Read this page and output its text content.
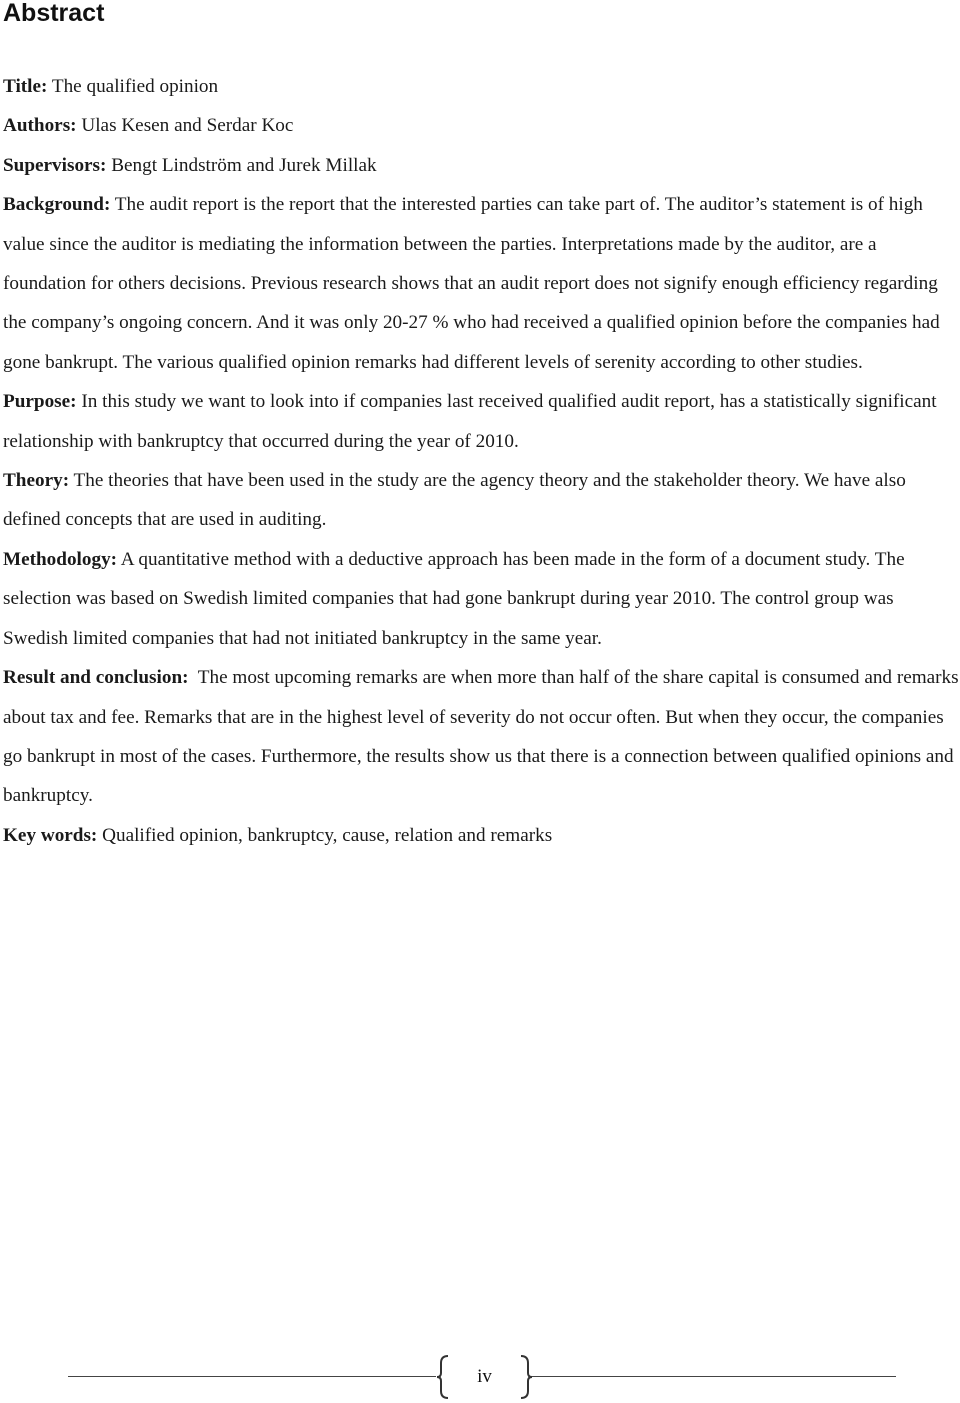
Abstract

Title: The qualified opinion

Authors: Ulas Kesen and Serdar Koc

Supervisors: Bengt Lindström and Jurek Millak

Background: The audit report is the report that the interested parties can take part of. The auditor’s statement is of high value since the auditor is mediating the information between the parties. Interpretations made by the auditor, are a foundation for others decisions. Previous research shows that an audit report does not signify enough efficiency regarding the company’s ongoing concern. And it was only 20-27 % who had received a qualified opinion before the companies had gone bankrupt. The various qualified opinion remarks had different levels of serenity according to other studies.

Purpose: In this study we want to look into if companies last received qualified audit report, has a statistically significant relationship with bankruptcy that occurred during the year of 2010.

Theory: The theories that have been used in the study are the agency theory and the stakeholder theory. We have also defined concepts that are used in auditing.

Methodology: A quantitative method with a deductive approach has been made in the form of a document study. The selection was based on Swedish limited companies that had gone bankrupt during year 2010. The control group was Swedish limited companies that had not initiated bankruptcy in the same year.

Result and conclusion:  The most upcoming remarks are when more than half of the share capital is consumed and remarks about tax and fee. Remarks that are in the highest level of severity do not occur often. But when they occur, the companies go bankrupt in most of the cases. Furthermore, the results show us that there is a connection between qualified opinions and bankruptcy.

Key words: Qualified opinion, bankruptcy, cause, relation and remarks

iv
